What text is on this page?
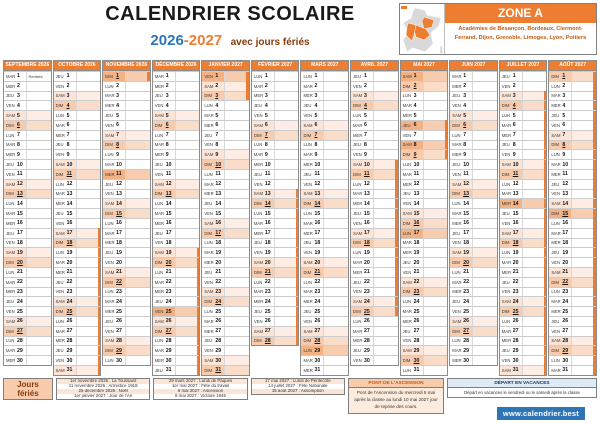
CALENDRIER SCOLAIRE
2026-2027 avec jours fériés
ZONE A
Académies de Besançon, Bordeaux, Clermont-Ferrand, Dijon, Grenoble, Limoges, Lyon, Poitiers
SEPTEMBRE 2026
MAR 1	Rentrée
MER 2
JEU 3
VEN 4
SAM 5
DIM 6
LUN 7
MAR 8
MER 9
JEU 10
VEN 11
SAM 12
DIM 13
LUN 14
MAR 15
MER 16
JEU 17
VEN 18
SAM 19
DIM 20
LUN 21
MAR 22
MER 23
JEU 24
VEN 25
SAM 26
DIM 27
LUN 28
MAR 29
MER 30
OCTOBRE 2026
JEU 1
VEN 2
SAM 3
DIM 4
LUN 5
MAR 6
MER 7
JEU 8
VEN 9
SAM 10
DIM 11
LUN 12
MAR 13
MER 14
JEU 15
VEN 16
SAM 17
DIM 18
LUN 19
MAR 20
MER 21
JEU 22
VEN 23
SAM 24
DIM 25
LUN 26
MAR 27
MER 28
JEU 29
VEN 30
SAM 31
NOVEMBRE 2026
DIM 1
LUN 2
MAR 3
MER 4
JEU 5
VEN 6
SAM 7
DIM 8
LUN 9
MAR 10
MER 11
JEU 12
VEN 13
SAM 14
DIM 15
LUN 16
MAR 17
MER 18
JEU 19
VEN 20
SAM 21
DIM 22
LUN 23
MAR 24
MER 25
JEU 26
VEN 27
SAM 28
DIM 29
LUN 30
DÉCEMBRE 2026
MAR 1
MER 2
JEU 3
VEN 4
SAM 5
DIM 6
LUN 7
MAR 8
MER 9
JEU 10
VEN 11
SAM 12
DIM 13
LUN 14
MAR 15
MER 16
JEU 17
VEN 18
SAM 19
DIM 20
LUN 21
MAR 22
MER 23
JEU 24
VEN 25
SAM 26
DIM 27
LUN 28
MAR 29
MER 30
JEU 31
JANVIER 2027
VEN 1
SAM 2
DIM 3
LUN 4
MAR 5
MER 6
JEU 7
VEN 8
SAM 9
DIM 10
LUN 11
MAR 12
MER 13
JEU 14
VEN 15
SAM 16
DIM 17
LUN 18
MAR 19
MER 20
JEU 21
VEN 22
SAM 23
DIM 24
LUN 25
MAR 26
MER 27
JEU 28
VEN 29
SAM 30
DIM 31
FÉVRIER 2027
LUN 1
MAR 2
MER 3
JEU 4
VEN 5
SAM 6
DIM 7
LUN 8
MAR 9
MER 10
JEU 11
VEN 12
SAM 13
DIM 14
LUN 15
MAR 16
MER 17
JEU 18
VEN 19
SAM 20
DIM 21
LUN 22
MAR 23
MER 24
JEU 25
VEN 26
SAM 27
DIM 28
MARS 2027
LUN 1
MAR 2
MER 3
JEU 4
VEN 5
SAM 6
DIM 7
LUN 8
MAR 9
MER 10
JEU 11
VEN 12
SAM 13
DIM 14
LUN 15
MAR 16
MER 17
JEU 18
VEN 19
SAM 20
DIM 21
LUN 22
MAR 23
MER 24
JEU 25
VEN 26
SAM 27
DIM 28
LUN 29
MAR 30
MER 31
AVRIL 2027
JEU 1
VEN 2
SAM 3
DIM 4
LUN 5
MAR 6
MER 7
JEU 8
VEN 9
SAM 10
DIM 11
LUN 12
MAR 13
MER 14
JEU 15
VEN 16
SAM 17
DIM 18
LUN 19
MAR 20
MER 21
JEU 22
VEN 23
SAM 24
DIM 25
LUN 26
MAR 27
MER 28
JEU 29
VEN 30
MAI 2027
SAM 1
DIM 2
LUN 3
MAR 4
MER 5
JEU 6
VEN 7
SAM 8
DIM 9
LUN 10
MAR 11
MER 12
JEU 13
VEN 14
SAM 15
DIM 16
LUN 17
MAR 18
MER 19
JEU 20
VEN 21
SAM 22
DIM 23
LUN 24
MAR 25
MER 26
JEU 27
VEN 28
SAM 29
DIM 30
LUN 31
JUIN 2027
MAR 1
MER 2
JEU 3
VEN 4
SAM 5
DIM 6
LUN 7
MAR 8
MER 9
JEU 10
VEN 11
SAM 12
DIM 13
LUN 14
MAR 15
MER 16
JEU 17
VEN 18
SAM 19
DIM 20
LUN 21
MAR 22
MER 23
JEU 24
VEN 25
SAM 26
DIM 27
LUN 28
MAR 29
MER 30
JUILLET 2027
JEU 1
VEN 2
SAM 3
DIM 4
LUN 5
MAR 6
MER 7
JEU 8
VEN 9
SAM 10
DIM 11
LUN 12
MAR 13
MER 14
JEU 15
VEN 16
SAM 17
DIM 18
LUN 19
MAR 20
MER 21
JEU 22
VEN 23
SAM 24
DIM 25
LUN 26
MAR 27
MER 28
JEU 29
VEN 30
SAM 31
AOÛT 2027
DIM 1
LUN 2
MAR 3
MER 4
JEU 5
VEN 6
SAM 7
DIM 8
LUN 9
MAR 10
MER 11
JEU 12
VEN 13
SAM 14
DIM 15
LUN 16
MAR 17
MER 18
JEU 19
VEN 20
SAM 21
DIM 22
LUN 23
MAR 24
MER 25
JEU 26
VEN 27
SAM 28
DIM 29
LUN 30
MAR 31
Jours fériés
1er novembre 2026 : La Toussaint
11 novembre 2026 : Armistice 1918
25 décembre 2026 : Noël
1er janvier 2027 : Jour de l'An
29 mars 2027 : Lundi de Pâques
1er mai 2027 : Fête du travail
6 mai 2027 : Ascension
8 mai 2027 : Victoire 1945
17 mai 2027 : Lundi de Pentecôte
14 juillet 2027 : Fête Nationale
15 août 2027 : Assomption
PONT DE L'ASCENSION
Pont de l'Ascension du mercredi 5 mai après la classe au lundi 10 mai 2027 jour de reprise des cours.
DÉPART EN VACANCES
Départ en vacances le vendredi ou le samedi après la classe
www.calendrier.best
